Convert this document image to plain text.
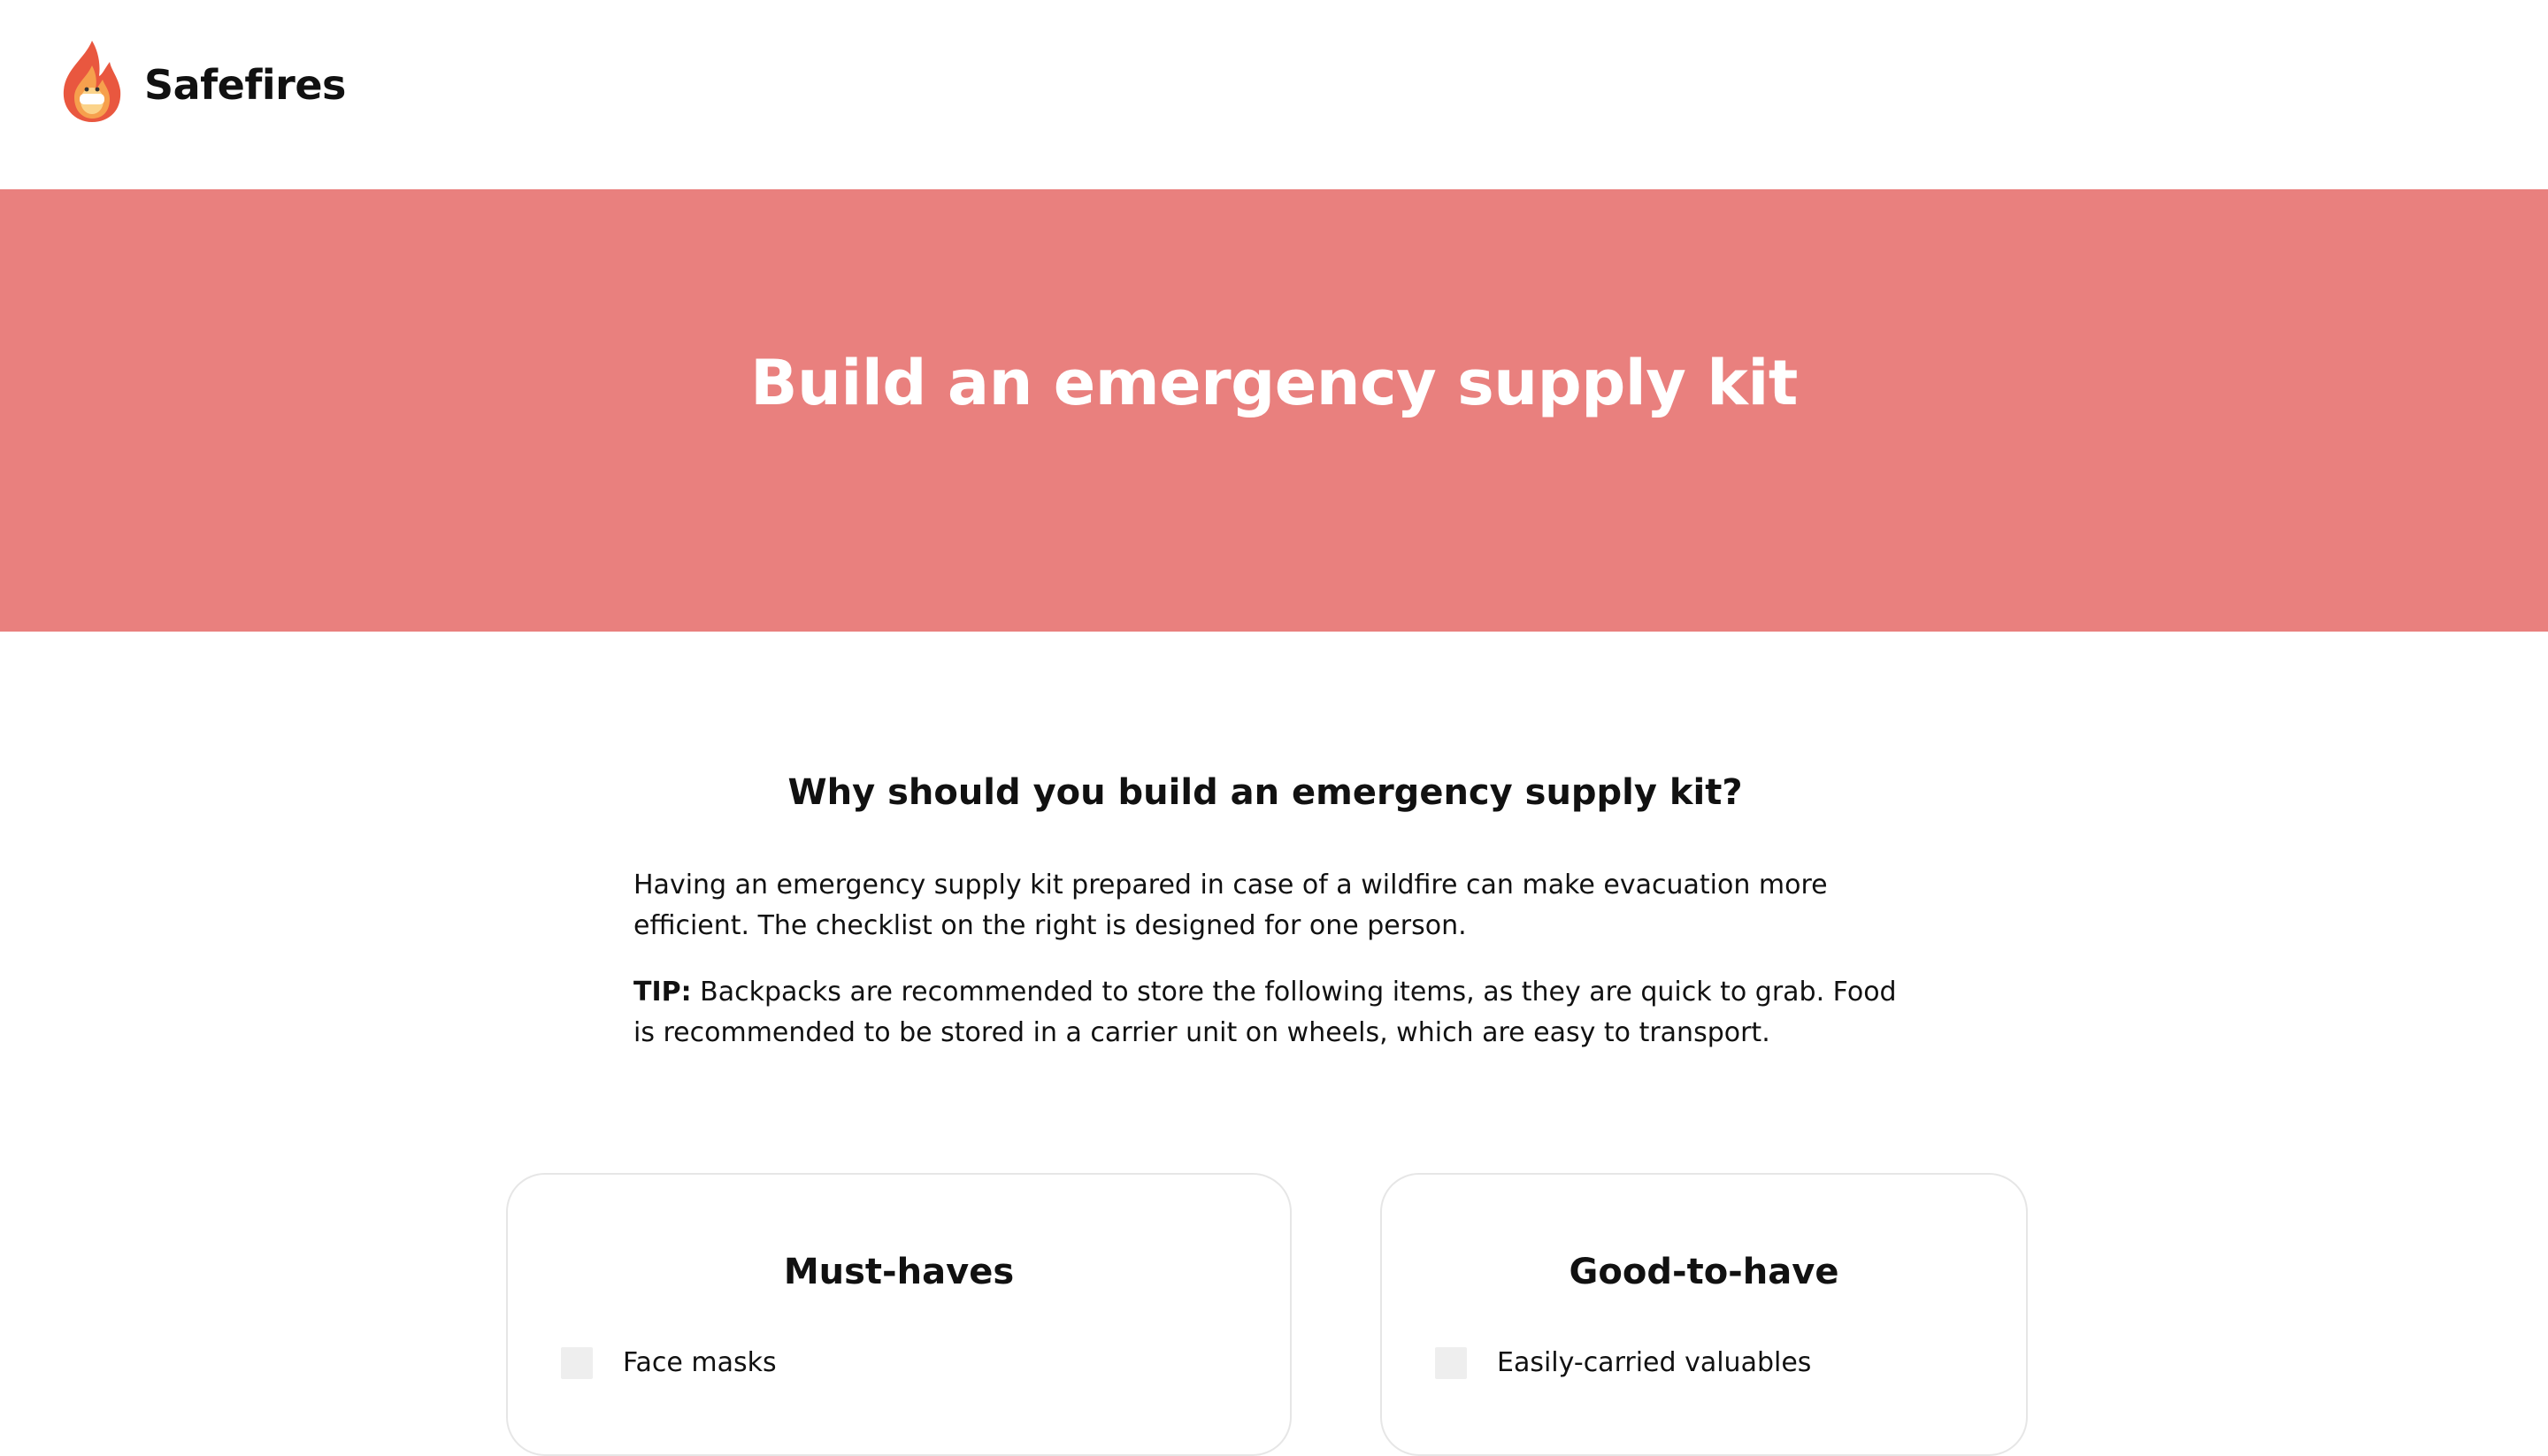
Safefires
Build an emergency supply kit
Why should you build an emergency supply kit?

Having an emergency supply kit prepared in case of a wildfire can make evacuation more efficient. The checklist on the right is designed for one person.

TIP: Backpacks are recommended to store the following items, as they are quick to grab. Food is recommended to be stored in a carrier unit on wheels, which are easy to transport.

Must-haves
Face masks
Good-to-have
Easily-carried valuables
